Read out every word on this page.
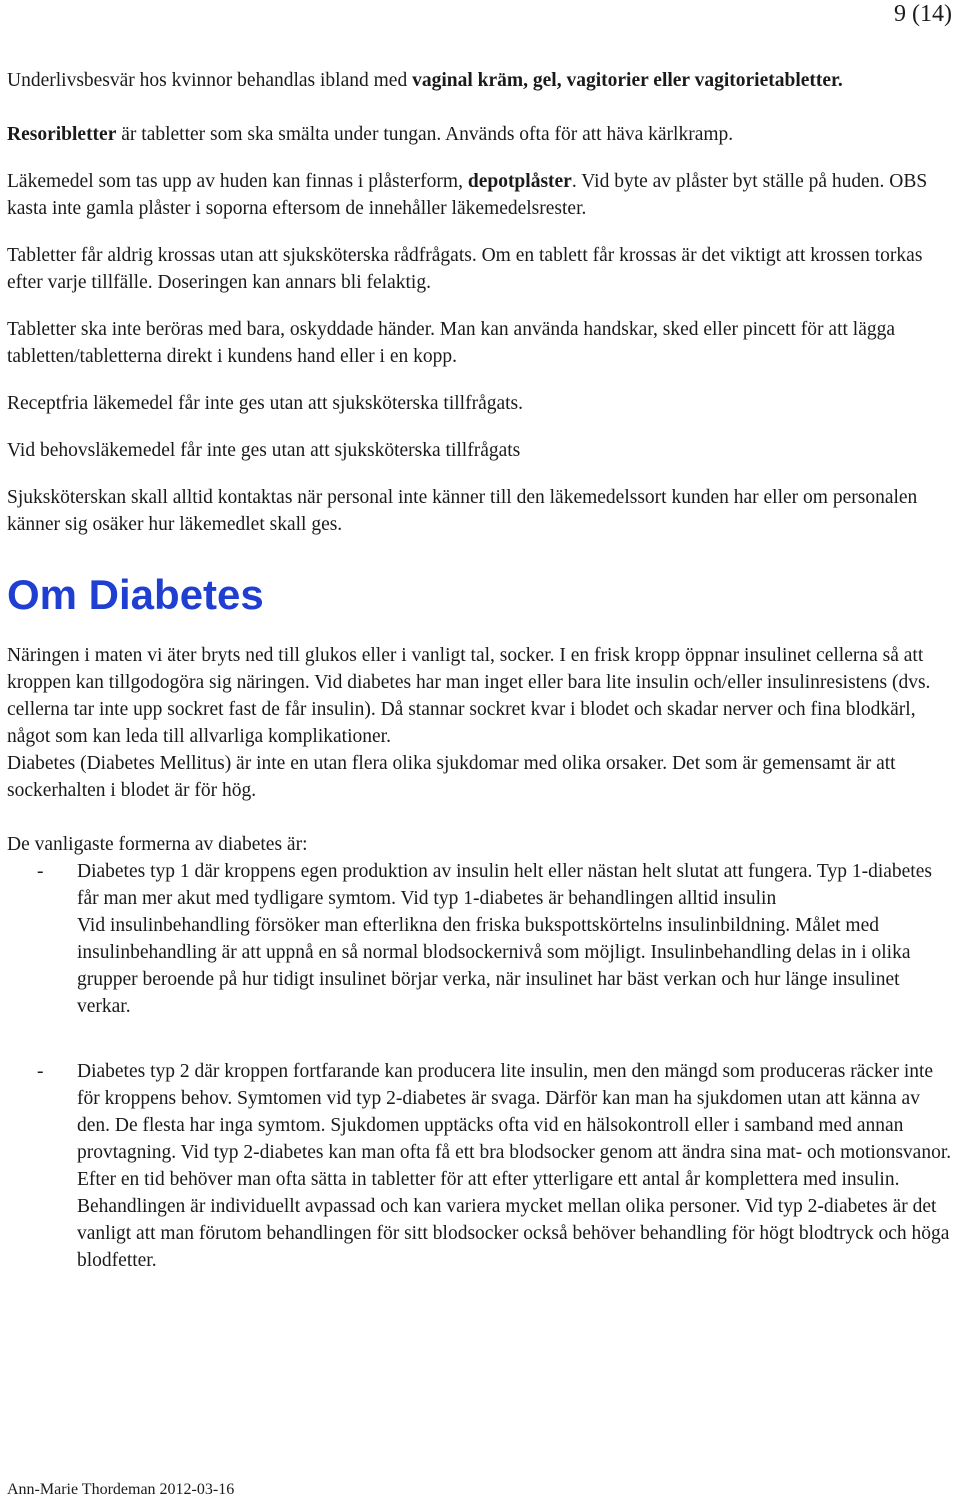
9 (14)

Underlivsbesvär hos kvinnor behandlas ibland med vaginal kräm, gel, vagitorier eller vagitorietabletter.

Resoribletter är tabletter som ska smälta under tungan. Används ofta för att häva kärlkramp.

Läkemedel som tas upp av huden kan finnas i plåsterform, depotplåster. Vid byte av plåster byt ställe på huden. OBS kasta inte gamla plåster i soporna eftersom de innehåller läkemedelsrester.

Tabletter får aldrig krossas utan att sjuksköterska rådfrågats. Om en tablett får krossas är det viktigt att krossen torkas efter varje tillfälle. Doseringen kan annars bli felaktig.

Tabletter ska inte beröras med bara, oskyddade händer. Man kan använda handskar, sked eller pincett för att lägga tabletten/tabletterna direkt i kundens hand eller i en kopp.

Receptfria läkemedel får inte ges utan att sjuksköterska tillfrågats.

Vid behovsläkemedel får inte ges utan att sjuksköterska tillfrågats

Sjuksköterskan skall alltid kontaktas när personal inte känner till den läkemedelssort kunden har eller om personalen känner sig osäker hur läkemedlet skall ges.

Om Diabetes

Näringen i maten vi äter bryts ned till glukos eller i vanligt tal, socker. I en frisk kropp öppnar insulinet cellerna så att kroppen kan tillgodogöra sig näringen. Vid diabetes har man inget eller bara lite insulin och/eller insulinresistens (dvs. cellerna tar inte upp sockret fast de får insulin). Då stannar sockret kvar i blodet och skadar nerver och fina blodkärl, något som kan leda till allvarliga komplikationer.

Diabetes (Diabetes Mellitus) är inte en utan flera olika sjukdomar med olika orsaker. Det som är gemensamt är att sockerhalten i blodet är för hög.

De vanligaste formerna av diabetes är:

- Diabetes typ 1 där kroppens egen produktion av insulin helt eller nästan helt slutat att fungera. Typ 1-diabetes får man mer akut med tydligare symtom. Vid typ 1-diabetes är behandlingen alltid insulin
Vid insulinbehandling försöker man efterlikna den friska bukspottskörtelns insulinbildning. Målet med insulinbehandling är att uppnå en så normal blodsockernivå som möjligt. Insulinbehandling delas in i olika grupper beroende på hur tidigt insulinet börjar verka, när insulinet har bäst verkan och hur länge insulinet verkar.
- Diabetes typ 2 där kroppen fortfarande kan producera lite insulin, men den mängd som produceras räcker inte för kroppens behov. Symtomen vid typ 2-diabetes är svaga. Därför kan man ha sjukdomen utan att känna av den. De flesta har inga symtom. Sjukdomen upptäcks ofta vid en hälsokontroll eller i samband med annan provtagning. Vid typ 2-diabetes kan man ofta få ett bra blodsocker genom att ändra sina mat- och motionsvanor. Efter en tid behöver man ofta sätta in tabletter för att efter ytterligare ett antal år komplettera med insulin. Behandlingen är individuellt avpassad och kan variera mycket mellan olika personer. Vid typ 2-diabetes är det vanligt att man förutom behandlingen för sitt blodsocker också behöver behandling för högt blodtryck och höga blodfetter.
Ann-Marie Thordeman 2012-03-16
